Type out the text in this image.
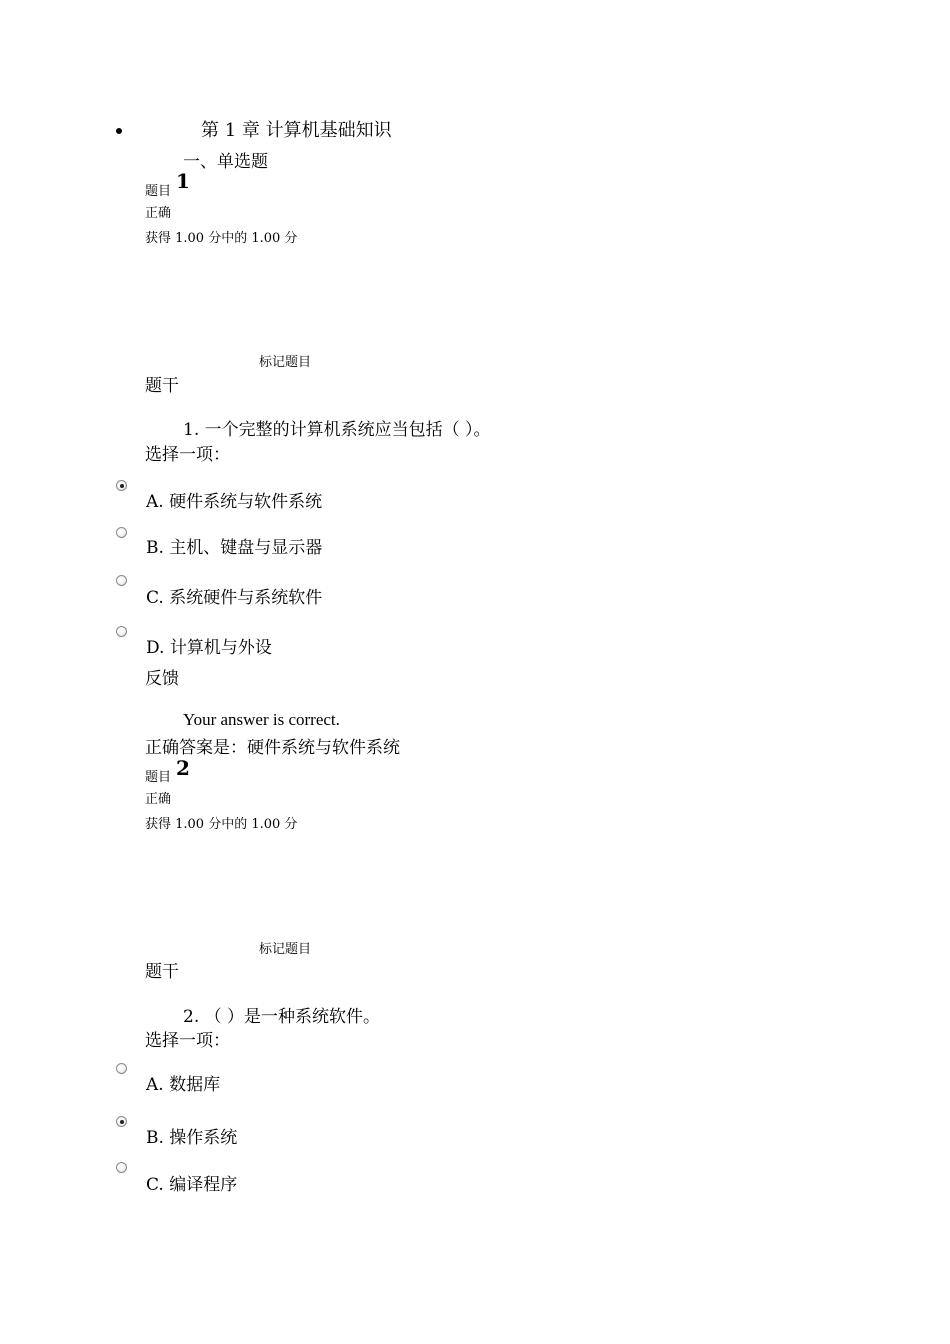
第 1 章 计算机基础知识
一、单选题
题目 1
正确
获得 1.00 分中的 1.00 分
标记题目
题干
1. 一个完整的计算机系统应当包括（ ）。
选择一项：
A. 硬件系统与软件系统
B. 主机、键盘与显示器
C. 系统硬件与系统软件
D. 计算机与外设
反馈
Your answer is correct.
正确答案是：硬件系统与软件系统
题目 2
正确
获得 1.00 分中的 1.00 分
标记题目
题干
2. （ ）是一种系统软件。
选择一项：
A. 数据库
B. 操作系统
C. 编译程序
